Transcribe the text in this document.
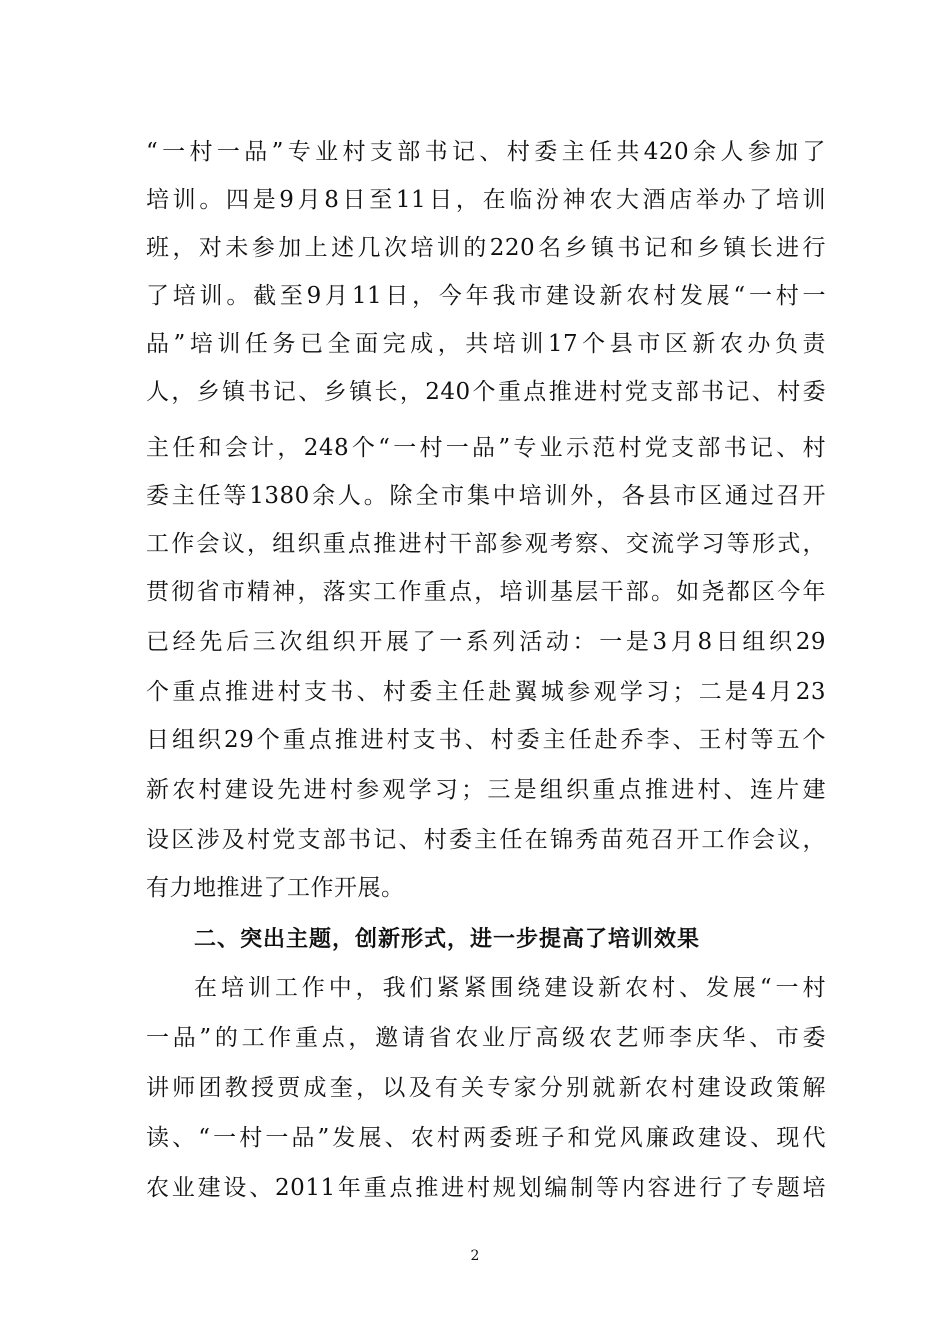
“一村一品”专业村支部书记、村委主任共420余人参加了
培训。四是9月8日至11日，在临汾神农大酒店举办了培训
班，对未参加上述几次培训的220名乡镇书记和乡镇长进行
了培训。截至9月11日，今年我市建设新农村发展“一村一
品”培训任务已全面完成，共培训17个县市区新农办负责
人，乡镇书记、乡镇长，240个重点推进村党支部书记、村委
主任和会计，248个“一村一品”专业示范村党支部书记、村
委主任等1380余人。除全市集中培训外，各县市区通过召开
工作会议，组织重点推进村干部参观考察、交流学习等形式，
贯彻省市精神，落实工作重点，培训基层干部。如尧都区今年
已经先后三次组织开展了一系列活动：一是3月8日组织29
个重点推进村支书、村委主任赴翼城参观学习；二是4月23
日组织29个重点推进村支书、村委主任赴乔李、王村等五个
新农村建设先进村参观学习；三是组织重点推进村、连片建
设区涉及村党支部书记、村委主任在锦秀苗苑召开工作会议，
有力地推进了工作开展。
二、突出主题，创新形式，进一步提高了培训效果
在培训工作中，我们紧紧围绕建设新农村、发展“一村
一品”的工作重点，邀请省农业厅高级农艺师李庆华、市委
讲师团教授贾成奎，以及有关专家分别就新农村建设政策解
读、“一村一品”发展、农村两委班子和党风廉政建设、现代
农业建设、2011年重点推进村规划编制等内容进行了专题培
2
